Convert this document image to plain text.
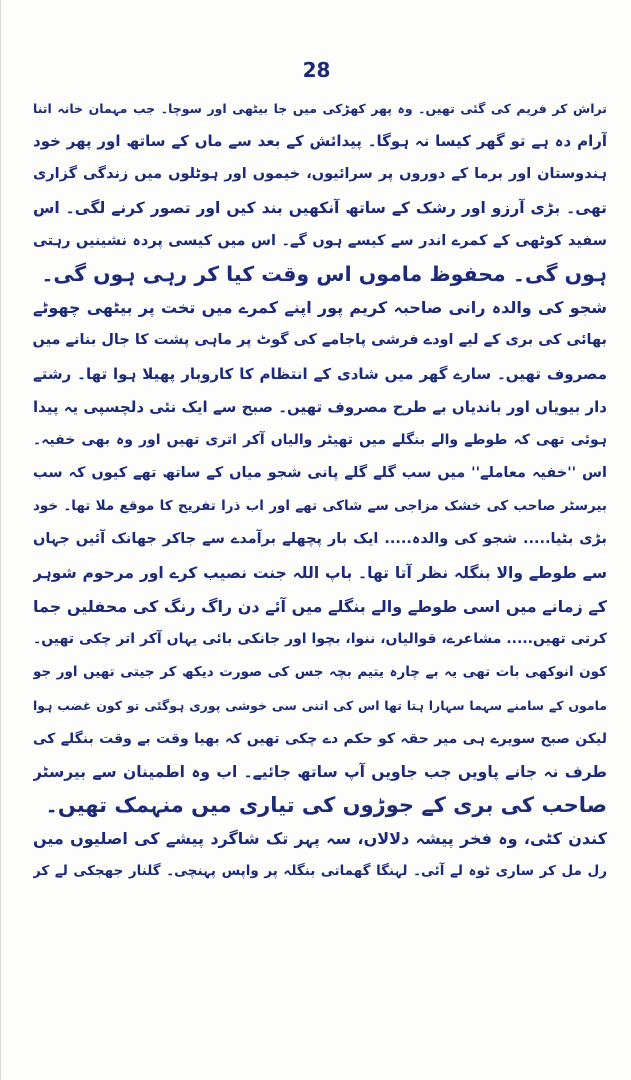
28
تراش کر فریم کی گئی تھیں۔ وہ پھر کھڑکی میں جا بیٹھی اور سوچا۔ جب مہمان خانہ اتنا
آرام دہ ہے تو گھر کیسا نہ ہوگا۔ پیدائش کے بعد سے ماں کے ساتھ اور پھر خود
ہندوستان اور برما کے دوروں پر سرائیوں، خیموں اور ہوٹلوں میں زندگی گزاری
تھی۔ بڑی آرزو اور رشک کے ساتھ آنکھیں بند کیں اور تصور کرنے لگی۔ اس
سفید کوٹھی کے کمرے اندر سے کیسے ہوں گے۔ اس میں کیسی پردہ نشینیں رہتی
ہوں گی۔ محفوظ ماموں اس وقت کیا کر رہی ہوں گی۔
شجو کی والدہ رانی صاحبہ کریم پور اپنے کمرے میں تخت پر بیٹھی چھوٹے
بھائی کی بری کے لیے اودے فرشی پاجامے کی گوٹ پر ماہی پشت کا جال بنانے میں
مصروف تھیں۔ سارے گھر میں شادی کے انتظام کا کاروبار پھیلا ہوا تھا۔ رشتے
دار بیویاں اور باندیاں بے طرح مصروف تھیں۔ صبح سے ایک نئی دلچسپی یہ پیدا
ہوئی تھی کہ طوطے والے بنگلے میں تھیٹر والیاں آکر اتری تھیں اور وہ بھی خفیہ۔
اس ''خفیہ معاملے'' میں سب گلے گلے پانی شجو میاں کے ساتھ تھے کیوں کہ سب
بیرسٹر صاحب کی خشک مزاجی سے شاکی تھے اور اب ذرا تفریح کا موقع ملا تھا۔ خود
بڑی بٹیا..... شجو کی والدہ..... ایک بار پچھلے برآمدے سے جاکر جھانک آئیں جہاں
سے طوطے والا بنگلہ نظر آتا تھا۔ باپ اللہ جنت نصیب کرے اور مرحوم شوہر
کے زمانے میں اسی طوطے والے بنگلے میں آئے دن راگ رنگ کی محفلیں جما
کرتی تھیں..... مشاعرے، قوالیاں، ننوا، بچوا اور جانکی بائی یہاں آکر اتر چکی تھیں۔
کون انوکھی بات تھی یہ بے چارہ یتیم بچہ جس کی صورت دیکھ کر جیتی تھیں اور جو
ماموں کے سامنے سہما سہارا ہتا تھا اس کی اتنی سی خوشی پوری ہوگئی تو کون غضب ہوا
لیکن صبح سویرے ہی میر حقہ کو حکم دے چکی تھیں کہ بھیا وقت بے وقت بنگلے کی
طرف نہ جانے پاویں جب جاویں آپ ساتھ جائیے۔ اب وہ اطمینان سے بیرسٹر
صاحب کی بری کے جوڑوں کی تیاری میں منہمک تھیں۔
کندن کٹی، وہ فخر پیشہ دلالاں، سہ پہر تک شاگرد پیشے کی اصلیوں میں
رل مل کر ساری ٹوہ لے آئی۔ لہنگا گھماتی بنگلہ پر واپس پہنچی۔ گلنار جھجکی لے کر
